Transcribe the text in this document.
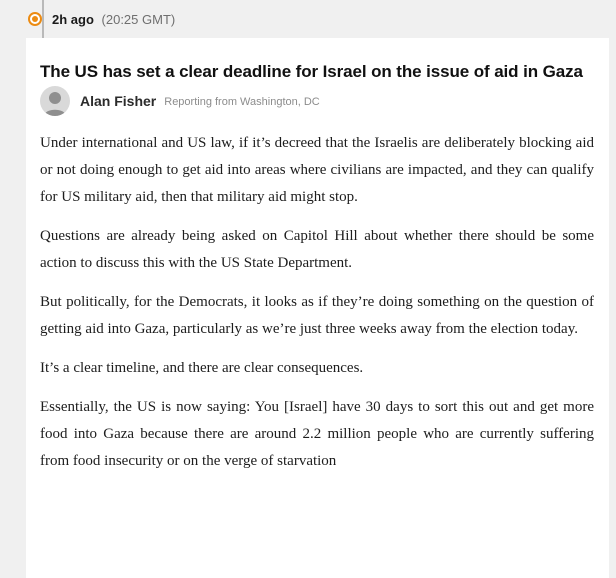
2h ago (20:25 GMT)
The US has set a clear deadline for Israel on the issue of aid in Gaza
Alan Fisher Reporting from Washington, DC

Under international and US law, if it’s decreed that the Israelis are deliberately blocking aid or not doing enough to get aid into areas where civilians are impacted, and they can qualify for US military aid, then that military aid might stop.

Questions are already being asked on Capitol Hill about whether there should be some action to discuss this with the US State Department.

But politically, for the Democrats, it looks as if they’re doing something on the question of getting aid into Gaza, particularly as we’re just three weeks away from the election today.

It’s a clear timeline, and there are clear consequences.

Essentially, the US is now saying: You [Israel] have 30 days to sort this out and get more food into Gaza because there are around 2.2 million people who are currently suffering from food insecurity or on the verge of starvation
